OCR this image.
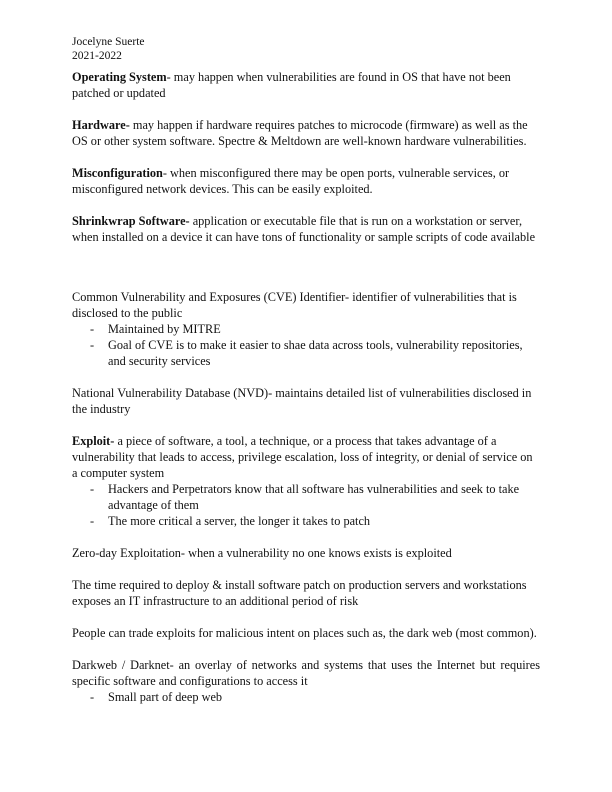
Jocelyne Suerte

2021-2022

Operating System- may happen when vulnerabilities are found in OS that have not been patched or updated

Hardware- may happen if hardware requires patches to microcode (firmware) as well as the OS or other system software. Spectre & Meltdown are well-known hardware vulnerabilities.

Misconfiguration- when misconfigured there may be open ports, vulnerable services, or misconfigured network devices. This can be easily exploited.

Shrinkwrap Software- application or executable file that is run on a workstation or server, when installed on a device it can have tons of functionality or sample scripts of code available

Common Vulnerability and Exposures (CVE) Identifier- identifier of vulnerabilities that is disclosed to the public

- Maintained by MITRE
- Goal of CVE is to make it easier to shae data across tools, vulnerability repositories, and security services

National Vulnerability Database (NVD)- maintains detailed list of vulnerabilities disclosed in the industry

Exploit- a piece of software, a tool, a technique, or a process that takes advantage of a vulnerability that leads to access, privilege escalation, loss of integrity, or denial of service on a computer system

- Hackers and Perpetrators know that all software has vulnerabilities and seek to take advantage of them
- The more critical a server, the longer it takes to patch

Zero-day Exploitation- when a vulnerability no one knows exists is exploited

The time required to deploy & install software patch on production servers and workstations exposes an IT infrastructure to an additional period of risk

People can trade exploits for malicious intent on places such as, the dark web (most common).

Darkweb / Darknet- an overlay of networks and systems that uses the Internet but requires specific software and configurations to access it

- Small part of deep web
